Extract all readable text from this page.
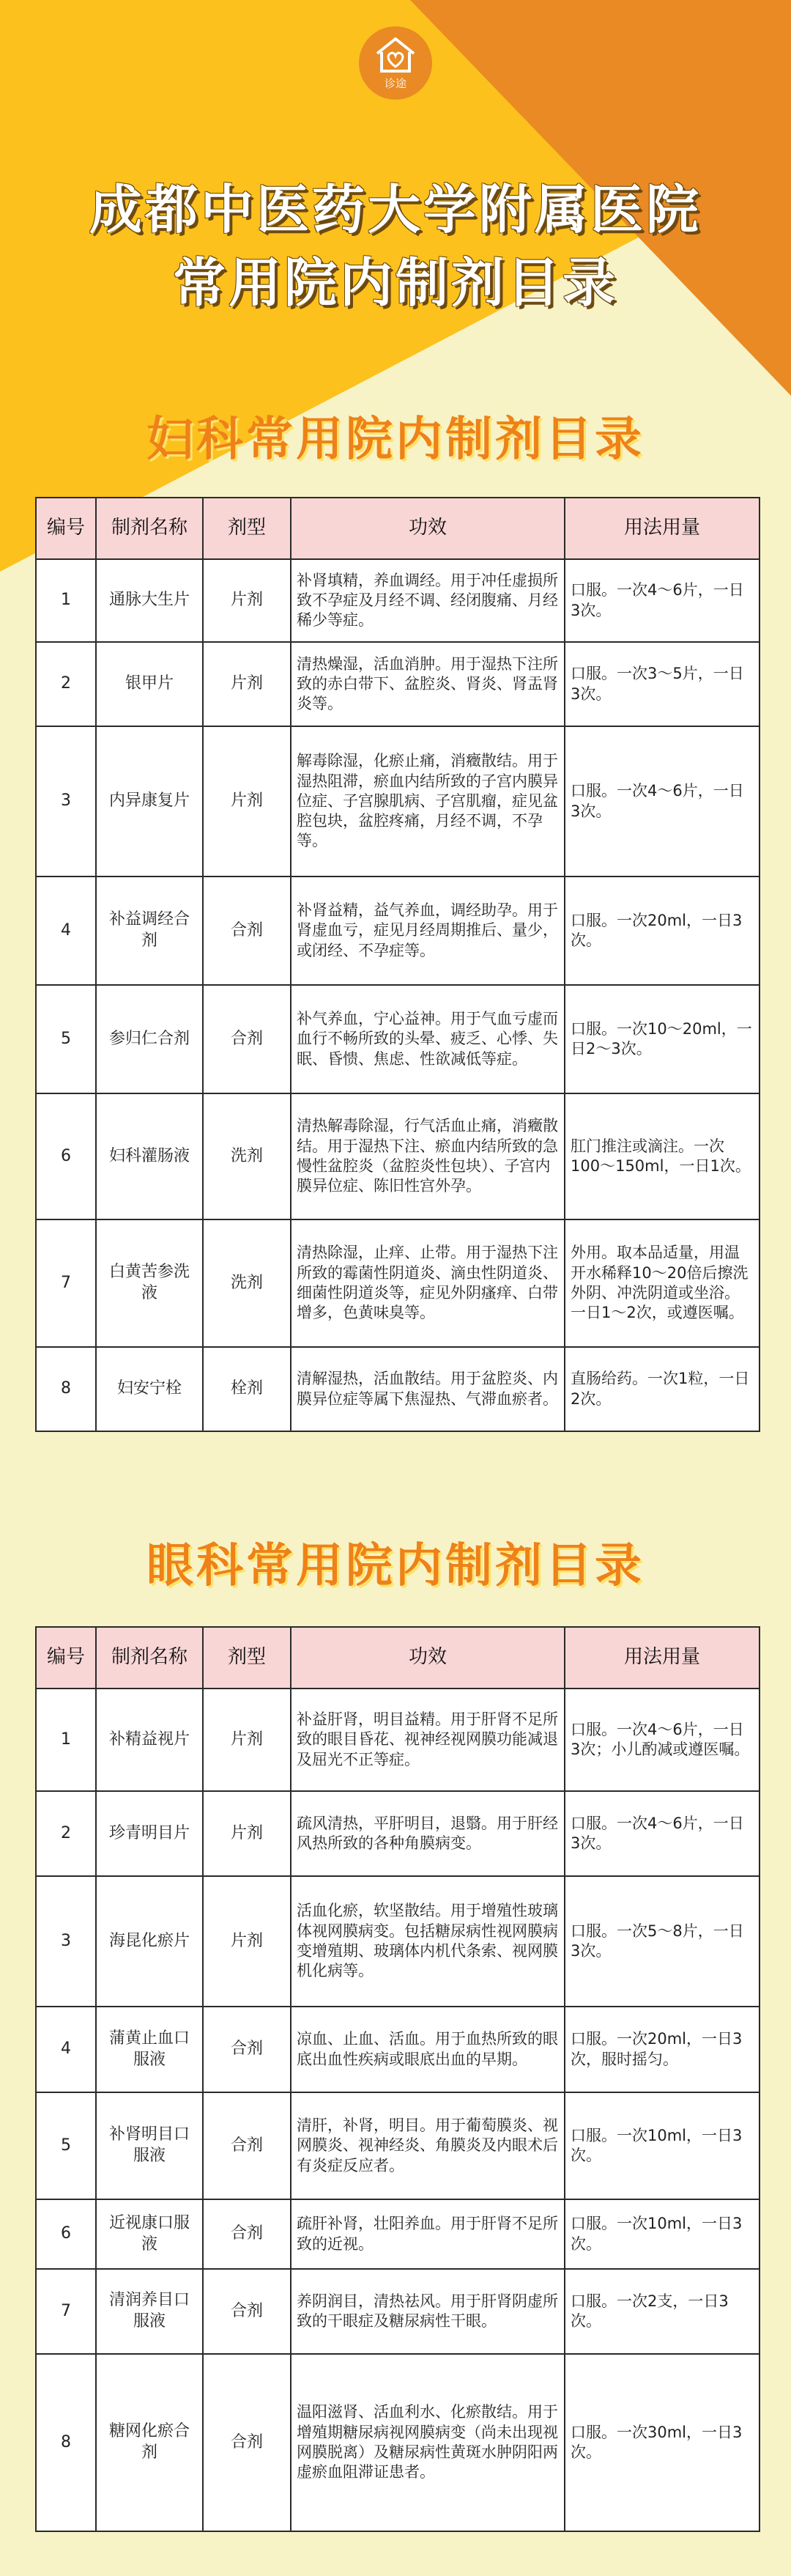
诊途
成都中医药大学附属医院
常用院内制剂目录
妇科常用院内制剂目录
编号	制剂名称	剂型	功效	用法用量
1	通脉大生片	片剂	补肾填精，养血调经。用于冲任虚损所致不孕症及月经不调、经闭腹痛、月经稀少等症。	口服。一次4～6片，一日3次。
2	银甲片	片剂	清热燥湿，活血消肿。用于湿热下注所致的赤白带下、盆腔炎、肾炎、肾盂肾炎等。	口服。一次3～5片，一日3次。
3	内异康复片	片剂	解毒除湿，化瘀止痛，消癥散结。用于湿热阻滞，瘀血内结所致的子宫内膜异位症、子宫腺肌病、子宫肌瘤，症见盆腔包块，盆腔疼痛，月经不调，不孕等。	口服。一次4～6片，一日3次。
4	补益调经合剂	合剂	补肾益精，益气养血，调经助孕。用于肾虚血亏，症见月经周期推后、量少，或闭经、不孕症等。	口服。一次20ml，一日3次。
5	参归仁合剂	合剂	补气养血，宁心益神。用于气血亏虚而血行不畅所致的头晕、疲乏、心悸、失眠、昏愦、焦虑、性欲减低等症。	口服。一次10～20ml，一日2～3次。
6	妇科灌肠液	洗剂	清热解毒除湿，行气活血止痛，消癥散结。用于湿热下注、瘀血内结所致的急慢性盆腔炎（盆腔炎性包块）、子宫内膜异位症、陈旧性宫外孕。	肛门推注或滴注。一次100～150ml，一日1次。
7	白黄苦参洗液	洗剂	清热除湿，止痒、止带。用于湿热下注所致的霉菌性阴道炎、滴虫性阴道炎、细菌性阴道炎等，症见外阴瘙痒、白带增多，色黄味臭等。	外用。取本品适量，用温开水稀释10～20倍后擦洗外阴、冲洗阴道或坐浴。一日1～2次，或遵医嘱。
8	妇安宁栓	栓剂	清解湿热，活血散结。用于盆腔炎、内膜异位症等属下焦湿热、气滞血瘀者。	直肠给药。一次1粒，一日2次。
眼科常用院内制剂目录
编号	制剂名称	剂型	功效	用法用量
1	补精益视片	片剂	补益肝肾，明目益精。用于肝肾不足所致的眼目昏花、视神经视网膜功能减退及屈光不正等症。	口服。一次4～6片，一日3次；小儿酌减或遵医嘱。
2	珍青明目片	片剂	疏风清热，平肝明目，退翳。用于肝经风热所致的各种角膜病变。	口服。一次4～6片，一日3次。
3	海昆化瘀片	片剂	活血化瘀，软坚散结。用于增殖性玻璃体视网膜病变。包括糖尿病性视网膜病变增殖期、玻璃体内机代条索、视网膜机化病等。	口服。一次5～8片，一日3次。
4	蒲黄止血口服液	合剂	凉血、止血、活血。用于血热所致的眼底出血性疾病或眼底出血的早期。	口服。一次20ml，一日3次，服时摇匀。
5	补肾明目口服液	合剂	清肝，补肾，明目。用于葡萄膜炎、视网膜炎、视神经炎、角膜炎及内眼术后有炎症反应者。	口服。一次10ml，一日3次。
6	近视康口服液	合剂	疏肝补肾，壮阳养血。用于肝肾不足所致的近视。	口服。一次10ml，一日3次。
7	清润养目口服液	合剂	养阴润目，清热祛风。用于肝肾阴虚所致的干眼症及糖尿病性干眼。	口服。一次2支，一日3次。
8	糖网化瘀合剂	合剂	温阳滋肾、活血利水、化瘀散结。用于增殖期糖尿病视网膜病变（尚未出现视网膜脱离）及糖尿病性黄斑水肿阴阳两虚瘀血阻滞证患者。	口服。一次30ml，一日3次。
